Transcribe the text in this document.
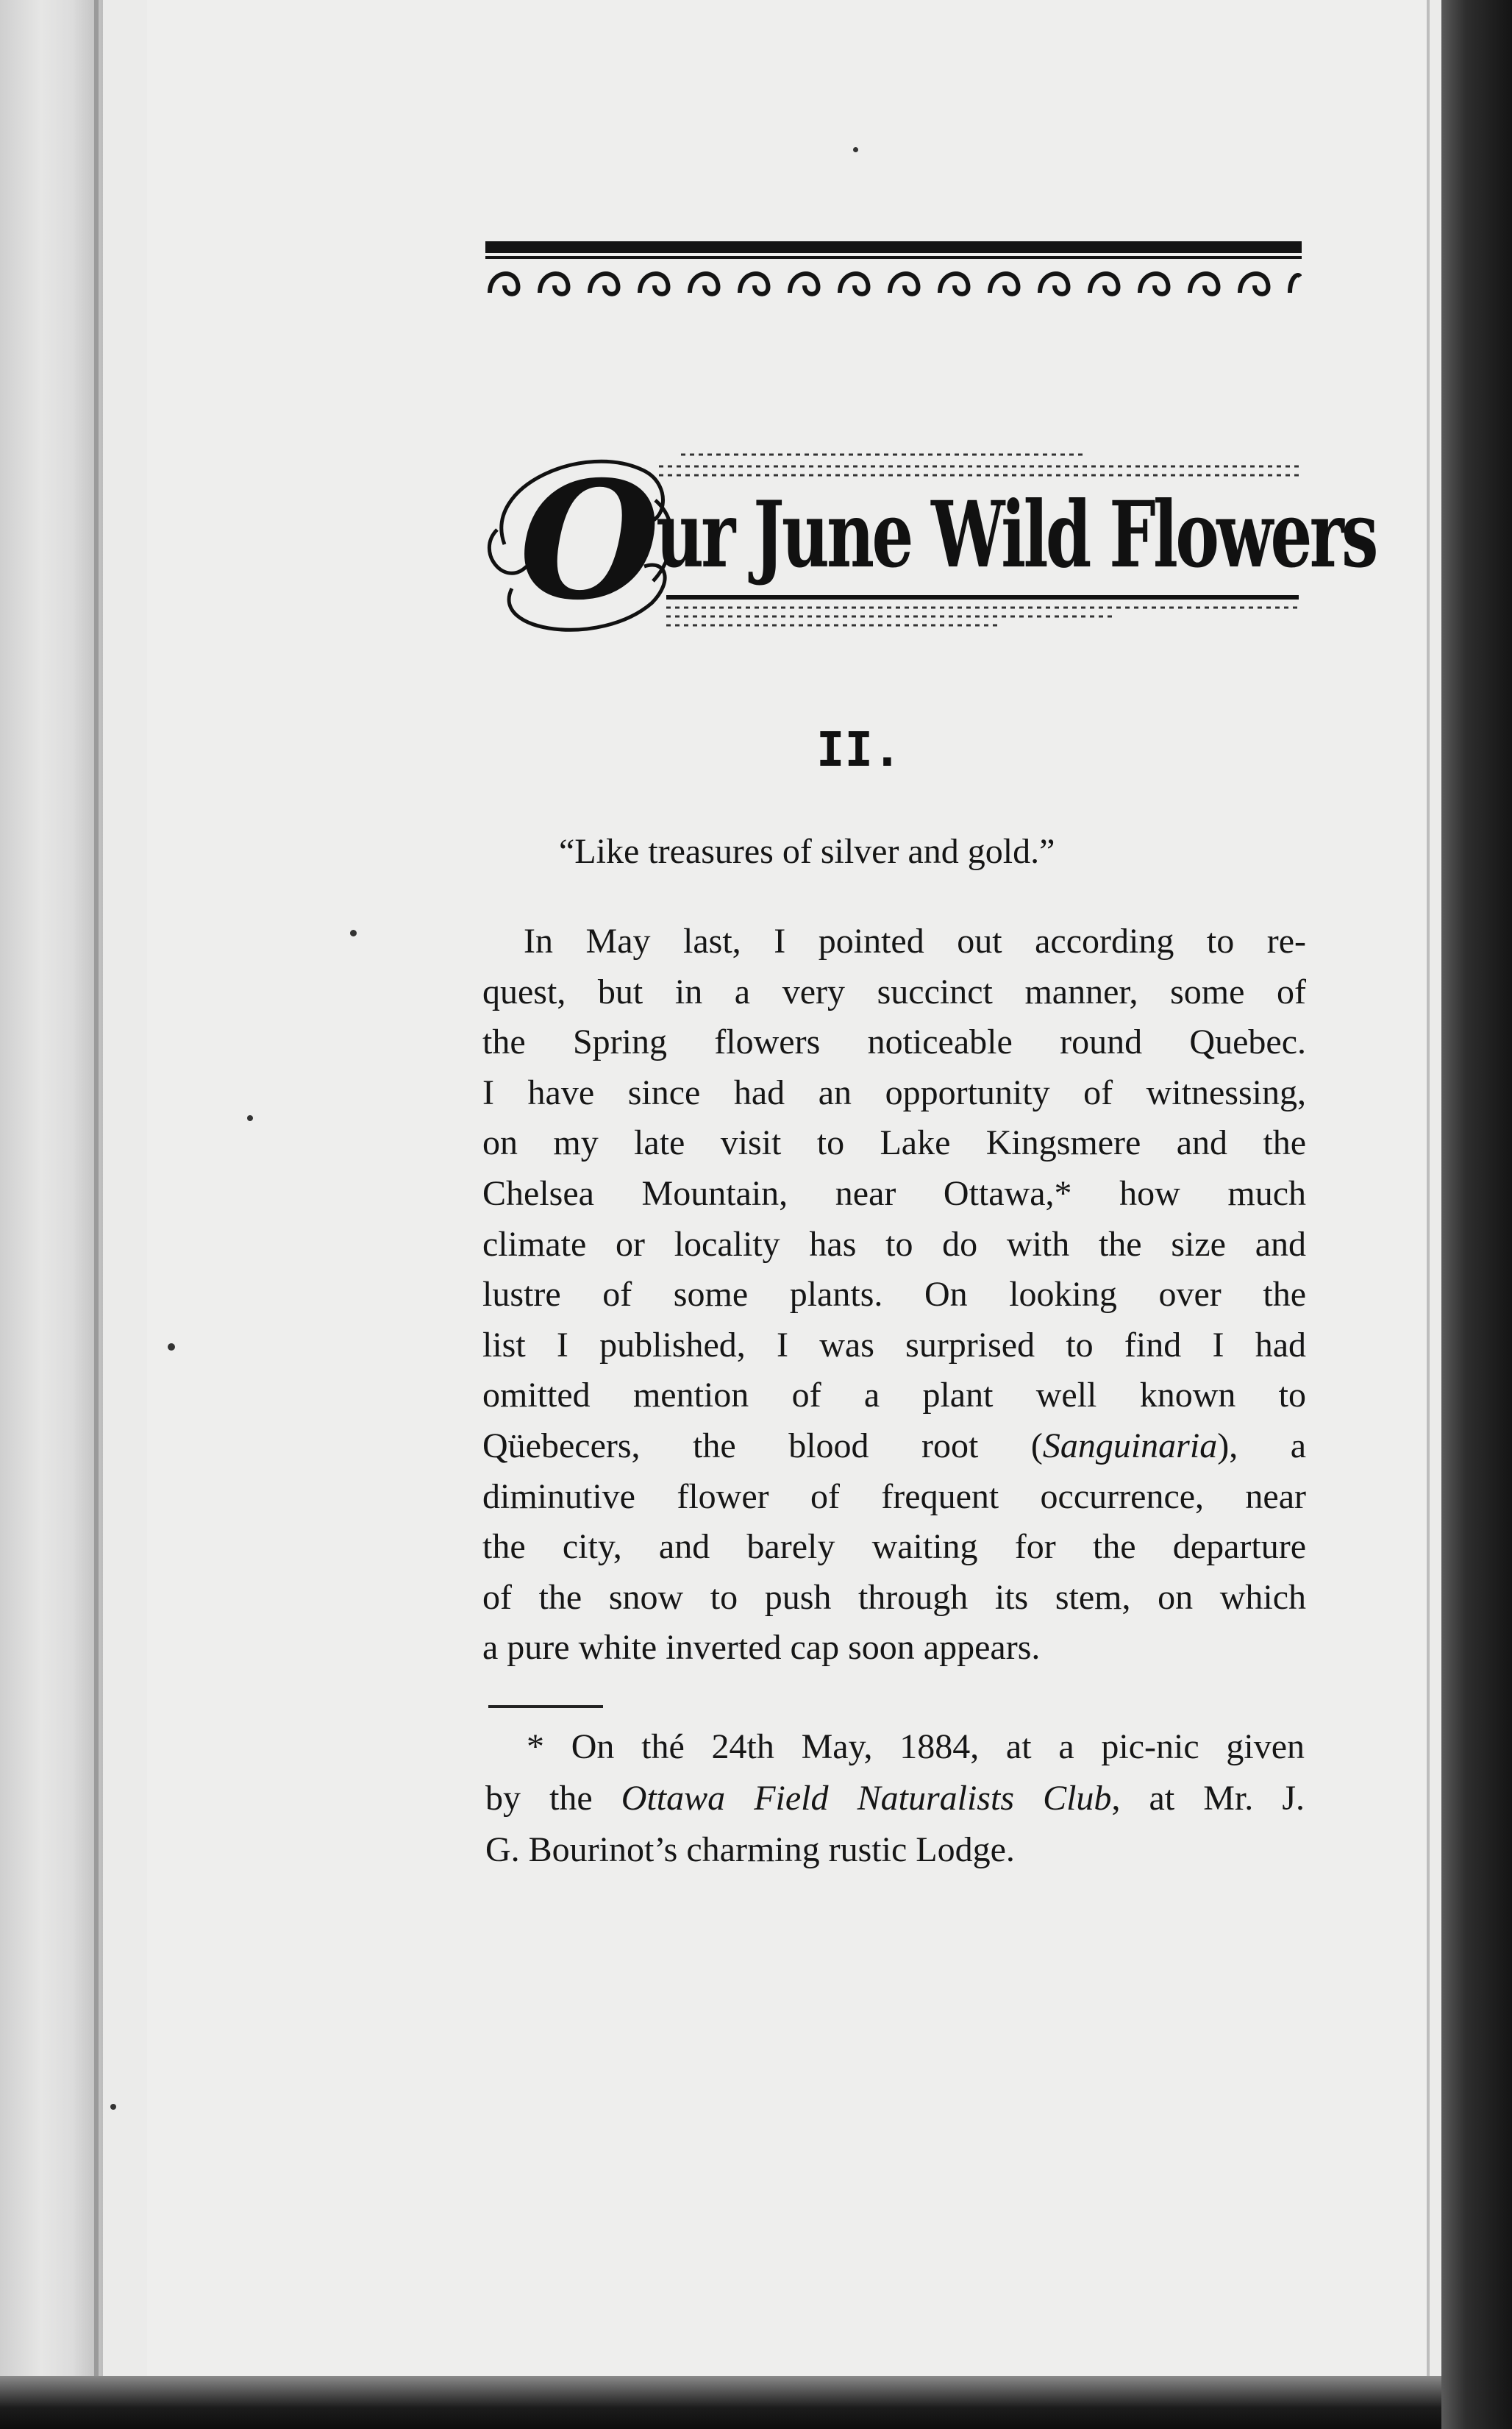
O
ur June Wild Flowers
II.
“Like treasures of silver and gold.”
In May last, I pointed out according to re-
quest, but in a very succinct manner, some of
the Spring flowers noticeable round Quebec.
I have since had an opportunity of witnessing,
on my late visit to Lake Kingsmere and the
Chelsea Mountain, near Ottawa,* how much
climate or locality has to do with the size and
lustre of some plants. On looking over the
list I published, I was surprised to find I had
omitted mention of a plant well known to
Qüebecers, the blood root (Sanguinaria), a
diminutive flower of frequent occurrence, near
the city, and barely waiting for the departure
of the snow to push through its stem, on which
a pure white inverted cap soon appears.
* On thé 24th May, 1884, at a pic-nic given
by the Ottawa Field Naturalists Club, at Mr. J.
G. Bourinot’s charming rustic Lodge.
